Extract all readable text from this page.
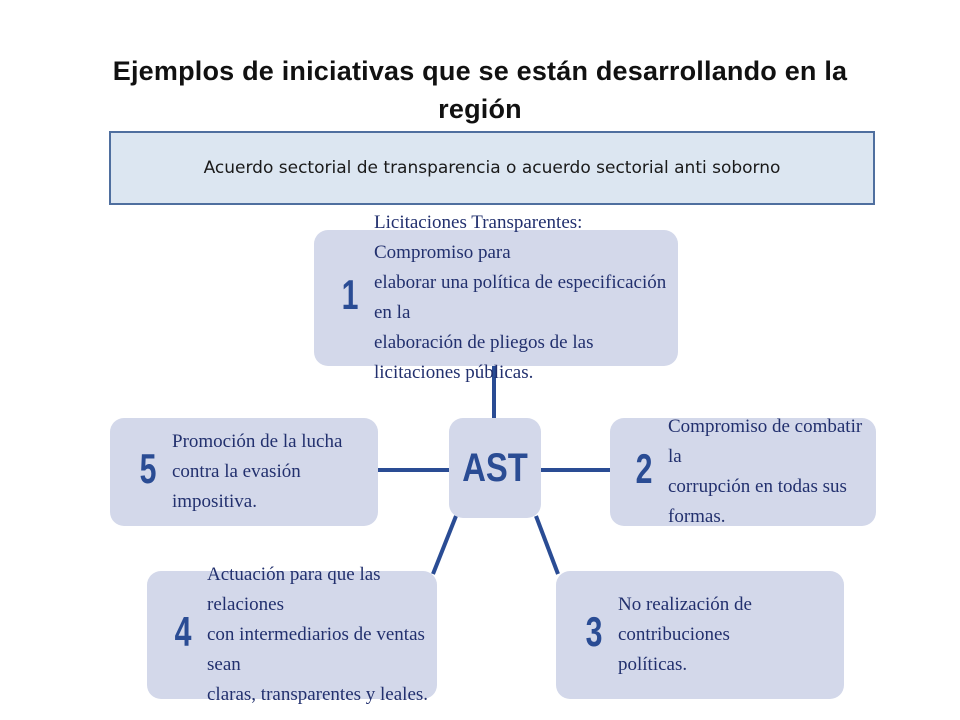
Ejemplos de iniciativas que se están desarrollando en la
región
Acuerdo sectorial de transparencia o acuerdo sectorial anti soborno
1
Licitaciones Transparentes: Compromiso para
elaborar una política de especificación en la
elaboración de pliegos de las licitaciones públicas.
5
Promoción de la lucha
contra la evasión impositiva.
AST	2
Compromiso de combatir la
corrupción en todas sus formas.
4
Actuación para que las relaciones
con intermediarios de ventas sean
claras, transparentes y leales.
3
No realización de contribuciones
políticas.
